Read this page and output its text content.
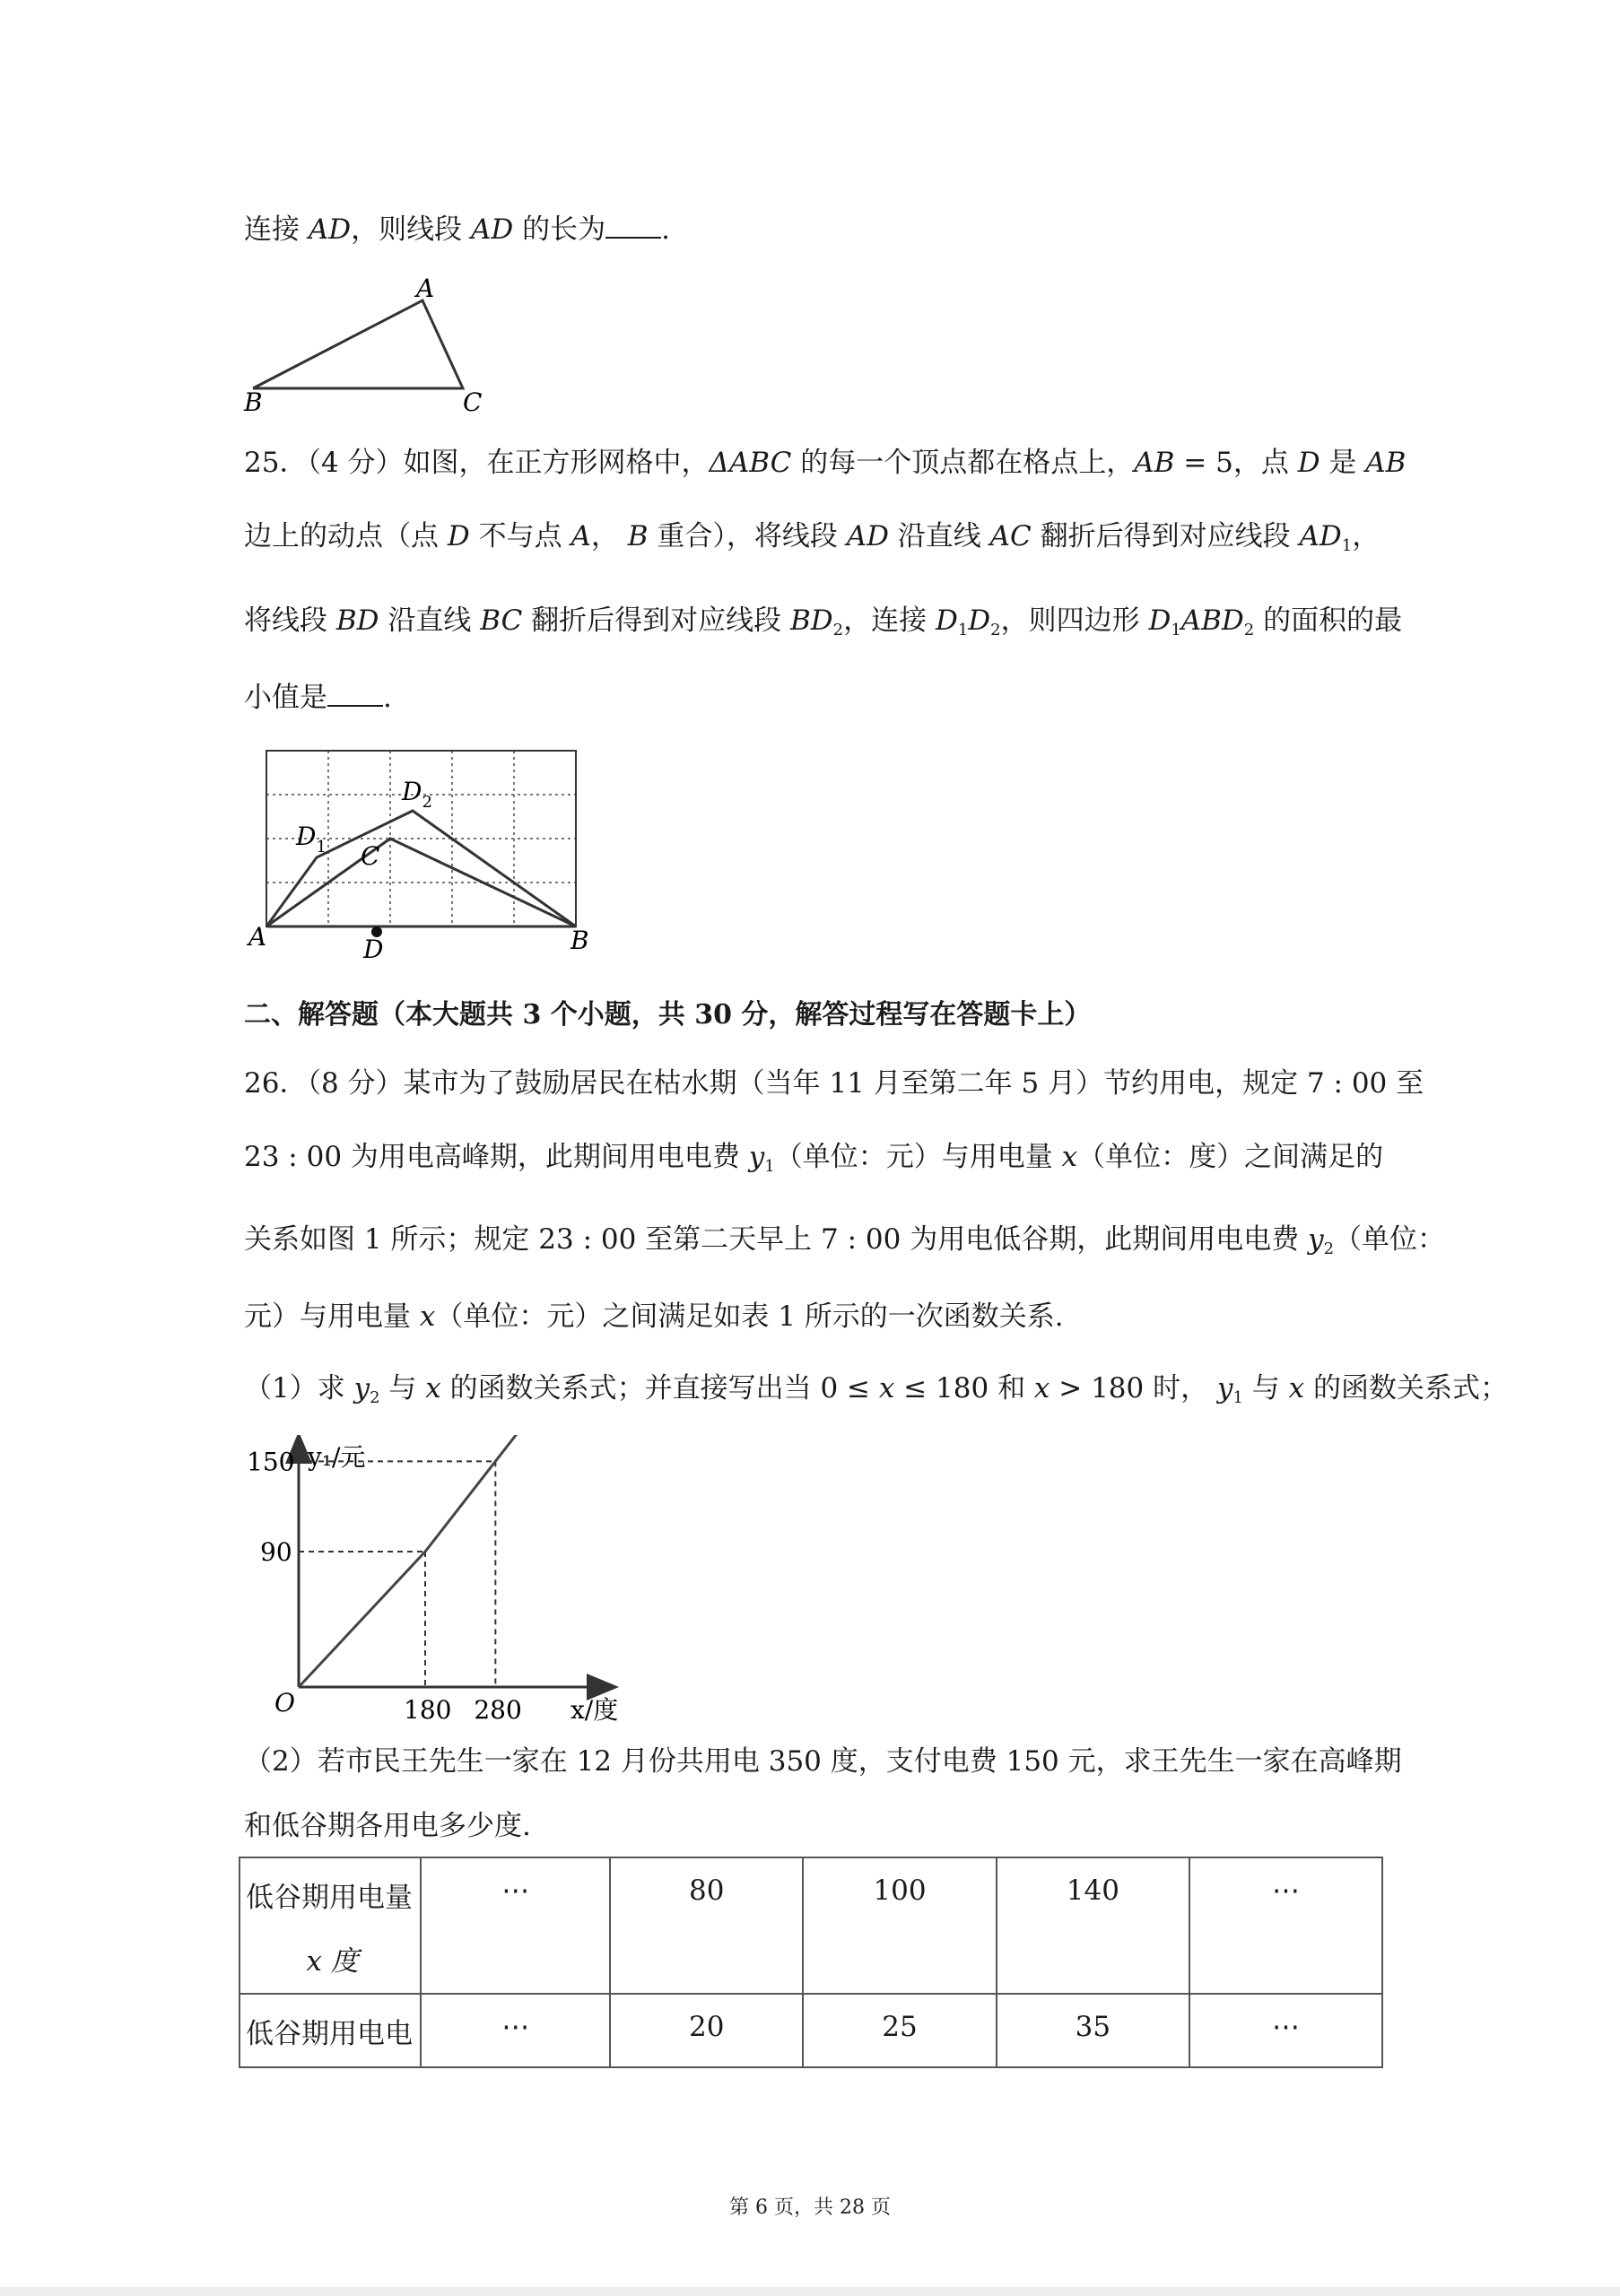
连接 AD，则线段 AD 的长为 .
A
B	C
25．（4 分）如图，在正方形网格中，ΔABC 的每一个顶点都在格点上，AB = 5，点 D 是 AB
边上的动点（点 D 不与点 A， B 重合），将线段 AD 沿直线 AC 翻折后得到对应线段 $AD_1$，
将线段 BD 沿直线 BC 翻折后得到对应线段 $BD_2$，连接 $D_1D_2$，则四边形 $D_1ABD_2$ 的面积的最
小值是 .
A	B
D
C
$D_1$
$D_2$
二、解答题（本大题共 3 个小题，共 30 分，解答过程写在答题卡上）
26．（8 分）某市为了鼓励居民在枯水期（当年 11 月至第二年 5 月）节约用电，规定 7 : 00 至
23 : 00 为用电高峰期，此期间用电电费 $y_1$（单位：元）与用电量 x（单位：度）之间满足的
关系如图 1 所示；规定 23 : 00 至第二天早上 7 : 00 为用电低谷期，此期间用电电费 $y_2$（单位：
元）与用电量 x（单位：元）之间满足如表 1 所示的一次函数关系.
（1）求 $y_2$ 与 x 的函数关系式；并直接写出当 0 ≤ x ≤ 180 和 x > 180 时， $y_1$ 与 x 的函数关系式；
y₁/元
x/度
O	180 280
150
90
（2）若市民王先生一家在 12 月份共用电 350 度，支付电费 150 元，求王先生一家在高峰期
和低谷期各用电多少度.
低谷期用电量
x 度	⋯	80	100	140	⋯
低谷期用电电	⋯	20	25	35	⋯
第 6 页，共 28 页
